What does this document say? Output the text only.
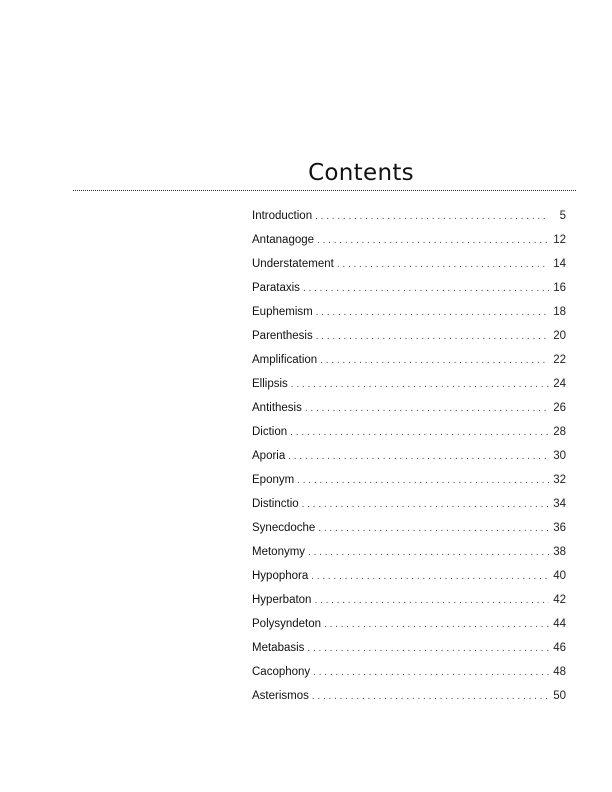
Contents
Introduction . . .	5
Antanagoge . . .	12
Understatement . . .	14
Parataxis . . .	16
Euphemism . . .	18
Parenthesis . . .	20
Amplification . . .	22
Ellipsis . . .	24
Antithesis . . .	26
Diction . . .	28
Aporia . . .	30
Eponym . . .	32
Distinctio . . .	34
Synecdoche . . .	36
Metonymy . . .	38
Hypophora . . .	40
Hyperbaton . . .	42
Polysyndeton . . .	44
Metabasis . . .	46
Cacophony . . .	48
Asterismos . . .	50
